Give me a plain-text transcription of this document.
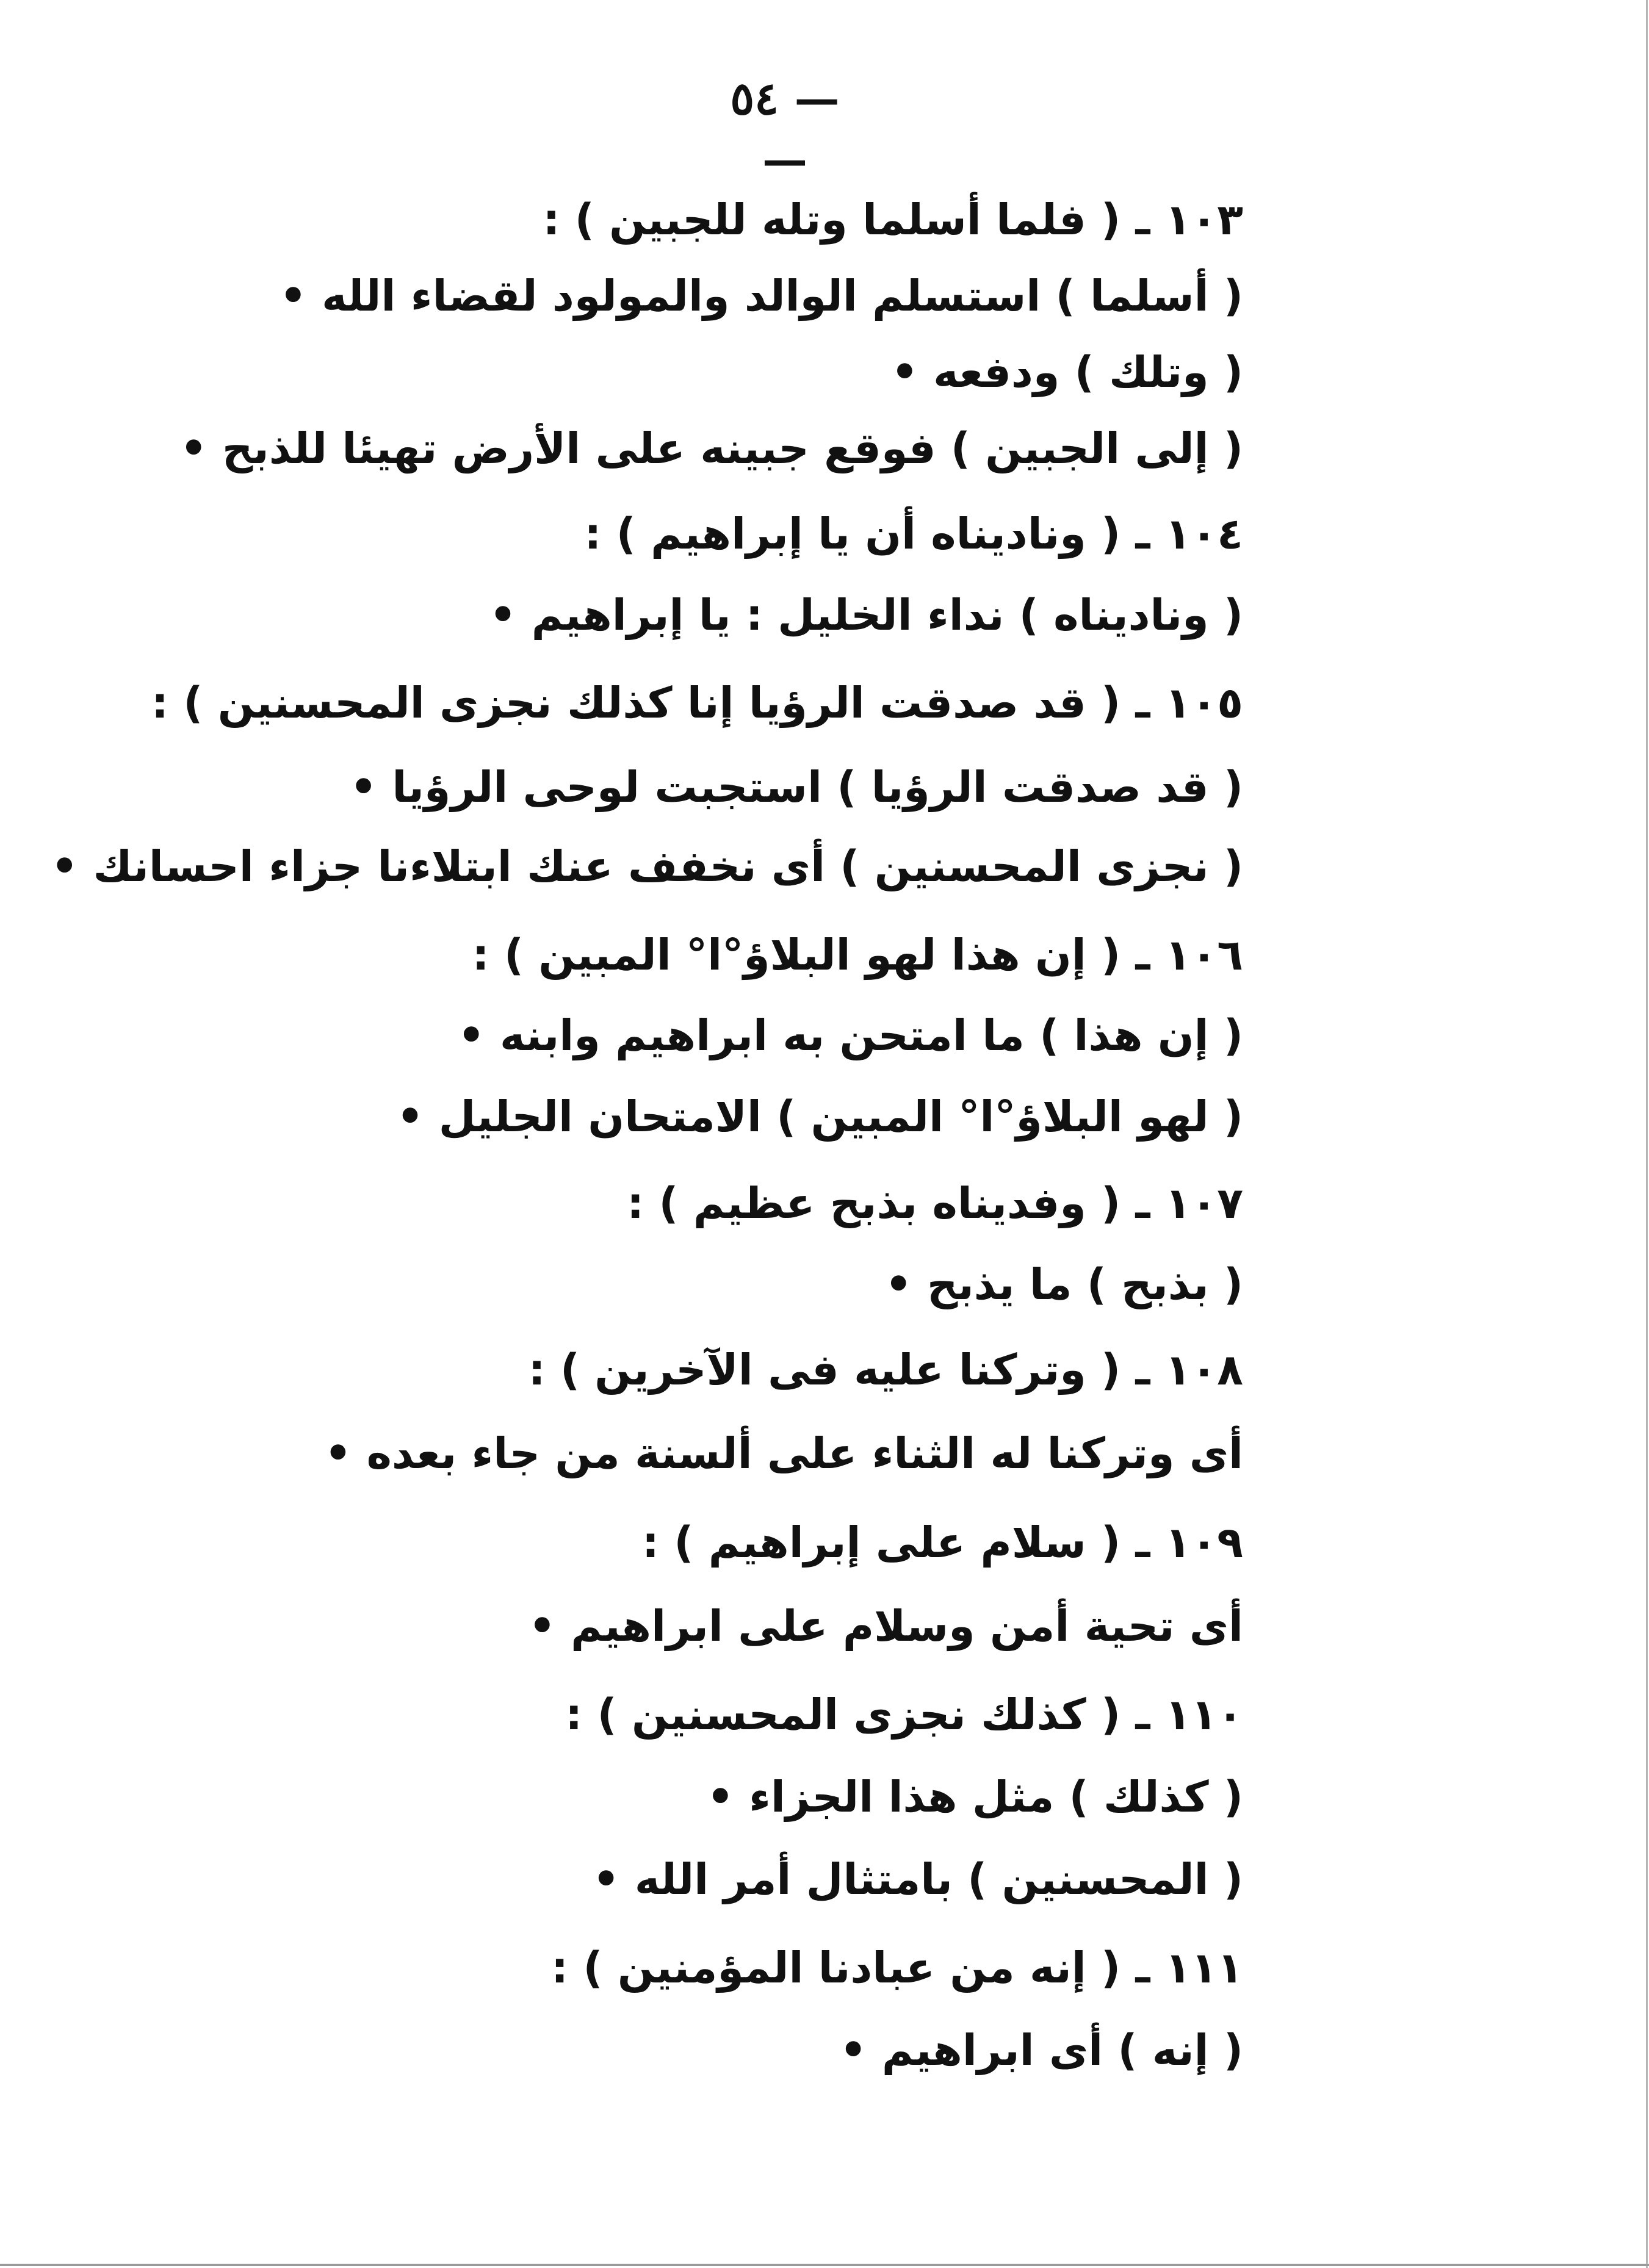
— ٥٤ —
١٠٣ ـ ( فلما أسلما وتله للجبين ) :
( أسلما ) استسلم الوالد والمولود لقضاء الله •
( وتلك ) ودفعه •
( إلى الجبين ) فوقع جبينه على الأرض تهيئا للذبح •
١٠٤ ـ ( وناديناه أن يا إبراهيم ) :
( وناديناه ) نداء الخليل : يا إبراهيم •
١٠٥ ـ ( قد صدقت الرؤيا إنا كذلك نجزى المحسنين ) :
( قد صدقت الرؤيا ) استجبت لوحى الرؤيا •
( نجزى المحسنين ) أى نخفف عنك ابتلاءنا جزاء احسانك •
١٠٦ ـ ( إن هذا لهو البلاؤ°ا° المبين ) :
( إن هذا ) ما امتحن به ابراهيم وابنه •
( لهو البلاؤ°ا° المبين ) الامتحان الجليل •
١٠٧ ـ ( وفديناه بذبح عظيم ) :
( بذبح ) ما يذبح •
١٠٨ ـ ( وتركنا عليه فى الآخرين ) :
أى وتركنا له الثناء على ألسنة من جاء بعده •
١٠٩ ـ ( سلام على إبراهيم ) :
أى تحية أمن وسلام على ابراهيم •
١١٠ ـ ( كذلك نجزى المحسنين ) :
( كذلك ) مثل هذا الجزاء •
( المحسنين ) بامتثال أمر الله •
١١١ ـ ( إنه من عبادنا المؤمنين ) :
( إنه ) أى ابراهيم •
